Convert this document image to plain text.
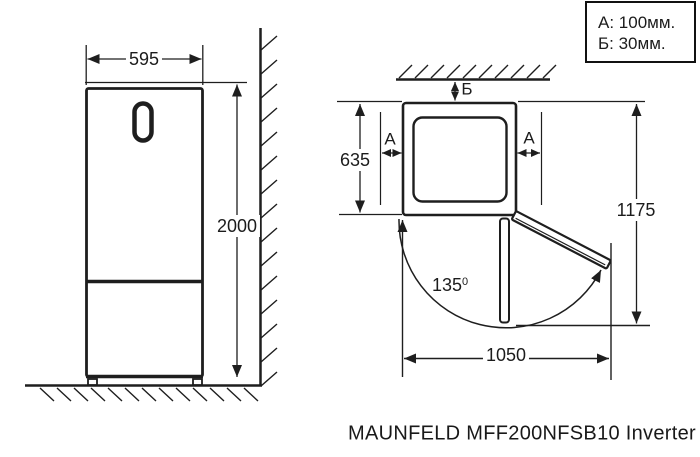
595
2000
Б
635
А	А
1175
1050
$135^0$
А: 100мм.
Б: 30мм.
MAUNFELD MFF200NFSB10 Inverter
